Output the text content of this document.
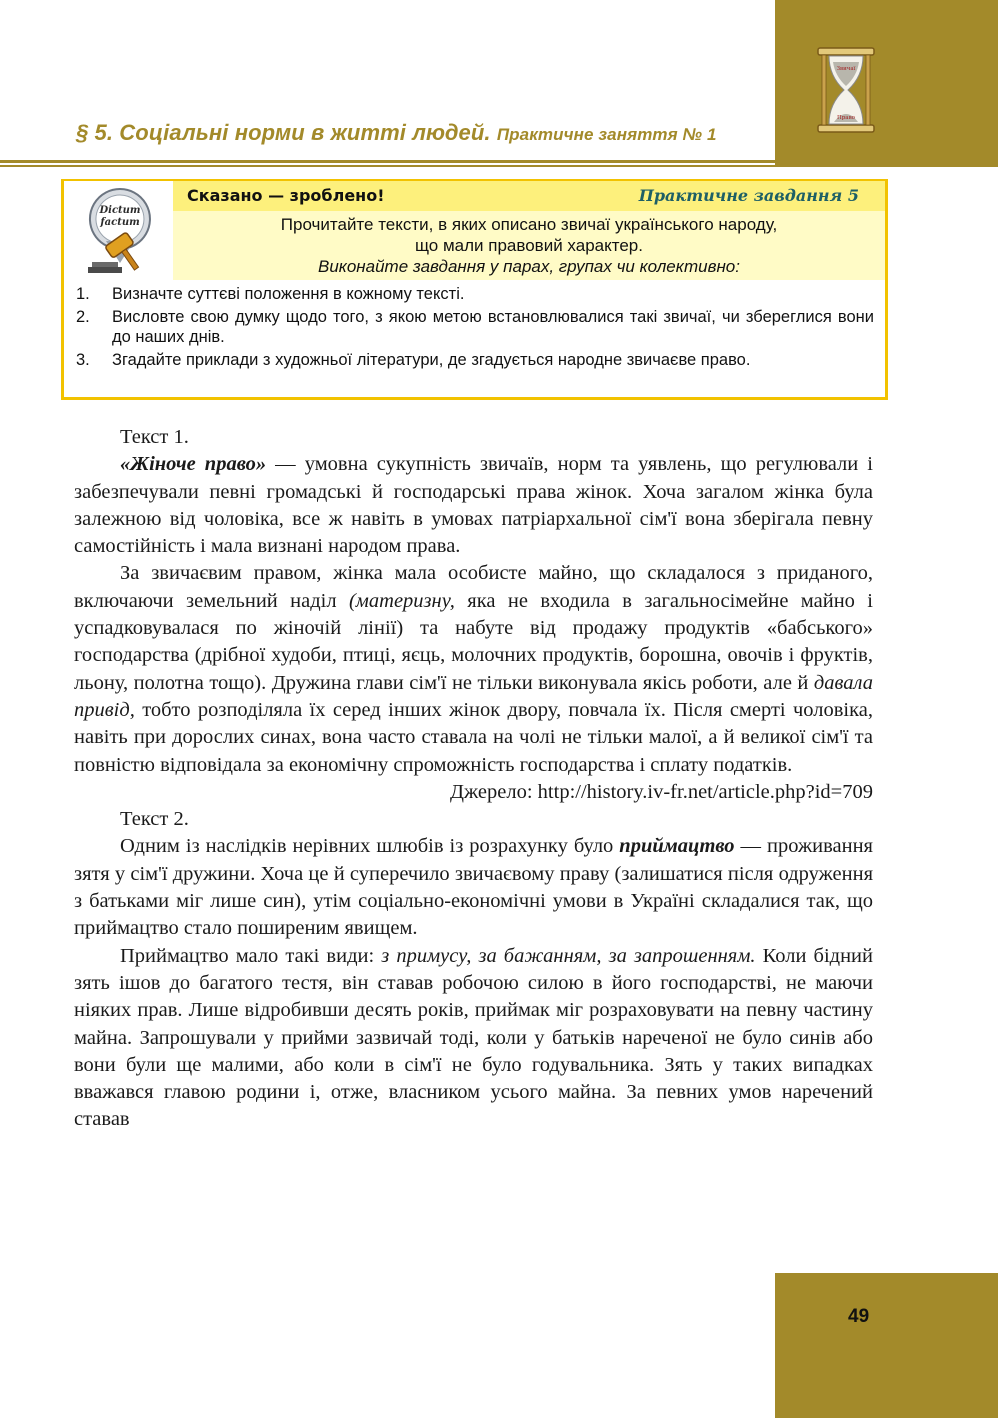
Звичаї
Право
§ 5. Соціальні норми в житті людей. Практичне заняття № 1
Dictum
factum
Сказано — зроблено!	Практичне завдання 5
Прочитайте тексти, в яких описано звичаї українського народу,
що мали правовий характер.
Виконайте завдання у парах, групах чи колективно:
1. Визначте суттєві положення в кожному тексті.
2. Висловте свою думку щодо того, з якою метою встановлювалися такі звичаї, чи збереглися вони до наших днів.
3. Згадайте приклади з художньої літератури, де згадується народне звичаєве право.

Текст 1.

«Жіноче право» — умовна сукупність звичаїв, норм та уявлень, що регулювали і забезпечували певні громадські й господарські права жінок. Хоча загалом жінка була залежною від чоловіка, все ж навіть в умовах патріархальної сім'ї вона зберігала певну самостійність і мала визнані народом права.

За звичаєвим правом, жінка мала особисте майно, що складалося з приданого, включаючи земельний наділ (материзну, яка не входила в загальносімейне майно і успадковувалася по жіночій лінії) та набуте від продажу продуктів «бабського» господарства (дрібної худоби, птиці, яєць, молочних продуктів, борошна, овочів і фруктів, льону, полотна тощо). Дружина глави сім'ї не тільки виконувала якісь роботи, але й давала привід, тобто розподіляла їх серед інших жінок двору, повчала їх. Після смерті чоловіка, навіть при дорослих синах, вона часто ставала на чолі не тільки малої, а й великої сім'ї та повністю відповідала за економічну спроможність господарства і сплату податків.

Джерело: http://history.iv-fr.net/article.php?id=709

Текст 2.

Одним із наслідків нерівних шлюбів із розрахунку було приймацтво — проживання зятя у сім'ї дружини. Хоча це й суперечило звичаєвому праву (залишатися після одруження з батьками міг лише син), утім соціально-економічні умови в Україні складалися так, що приймацтво стало поширеним явищем.

Приймацтво мало такі види: з примусу, за бажанням, за запрошенням. Коли бідний зять ішов до багатого тестя, він ставав робочою силою в його господарстві, не маючи ніяких прав. Лише відробивши десять років, приймак міг розраховувати на певну частину майна. Запрошували у прийми зазвичай тоді, коли у батьків нареченої не було синів або вони були ще малими, або коли в сім'ї не було годувальника. Зять у таких випадках вважався главою родини і, отже, власником усього майна. За певних умов наречений ставав

49
